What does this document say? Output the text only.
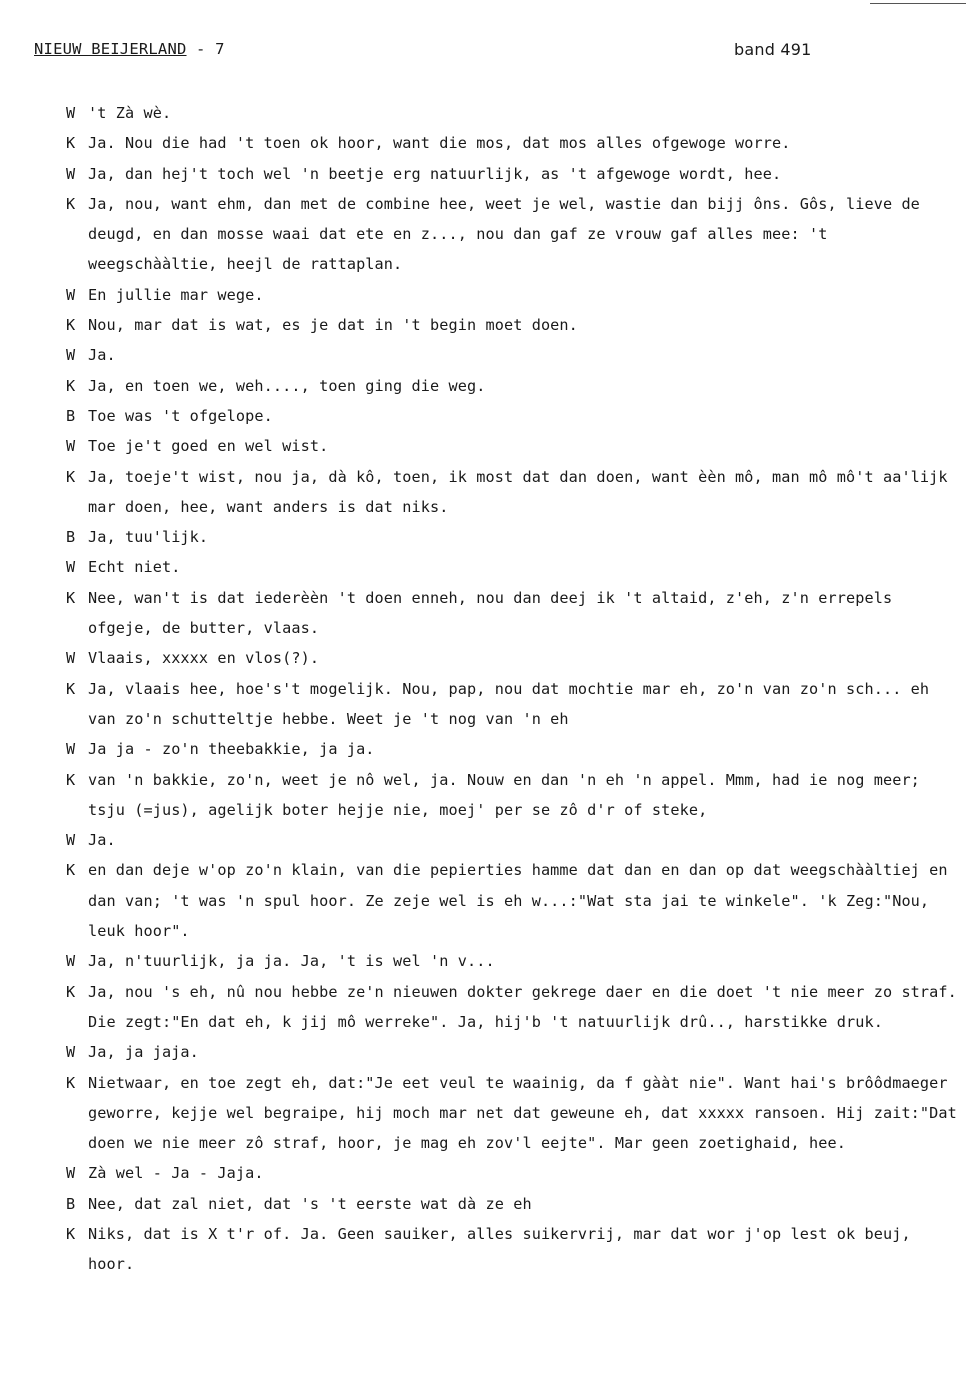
NIEUW BEIJERLAND - 7	band 491
W 't Zà wè.
K Ja. Nou die had 't toen ok hoor, want die mos, dat mos alles ofgewoge worre.
W Ja, dan hej't toch wel 'n beetje erg natuurlijk, as 't afgewoge wordt, hee.
K Ja, nou, want ehm, dan met de combine hee, weet je wel, wastie dan bijj ôns. Gôs, lieve de deugd, en dan mosse waai dat ete en z..., nou dan gaf ze vrouw gaf alles mee: 't weegschààltie, heejl de rattaplan.
W En jullie mar wege.
K Nou, mar dat is wat, es je dat in 't begin moet doen.
W Ja.
K Ja, en toen we, weh...., toen ging die weg.
B Toe was 't ofgelope.
W Toe je't goed en wel wist.
K Ja, toeje't wist, nou ja, dà kô, toen, ik most dat dan doen, want èèn mô, man mô mô't aa'lijk mar doen, hee, want anders is dat niks.
B Ja, tuu'lijk.
W Echt niet.
K Nee, wan't is dat iederèèn 't doen enneh, nou dan deej ik 't altaid, z'eh, z'n errepels ofgeje, de butter, vlaas.
W Vlaais, xxxxx en vlos(?).
K Ja, vlaais hee, hoe's't mogelijk. Nou, pap, nou dat mochtie mar eh, zo'n van zo'n sch... eh van zo'n schutteltje hebbe. Weet je 't nog van 'n eh
W Ja ja - zo'n theebakkie, ja ja.
K van 'n bakkie, zo'n, weet je nô wel, ja. Nouw en dan 'n eh 'n appel. Mmm, had ie nog meer; tsju (=jus), agelijk boter hejje nie, moej' per se zô d'r of steke,
W Ja.
K en dan deje w'op zo'n klain, van die pepierties hamme dat dan en dan op dat weegschààltiej en dan van; 't was 'n spul hoor. Ze zeje wel is eh w...:"Wat sta jai te winkele". 'k Zeg:"Nou, leuk hoor".
W Ja, n'tuurlijk, ja ja. Ja, 't is wel 'n v...
K Ja, nou 's eh, nû nou hebbe ze'n nieuwen dokter gekrege daer en die doet 't nie meer zo straf. Die zegt:"En dat eh, k jij mô werreke". Ja, hij'b 't natuurlijk drû.., harstikke druk.
W Ja, ja jaja.
K Nietwaar, en toe zegt eh, dat:"Je eet veul te waainig, da f gààt nie". Want hai's brôôdmaeger geworre, kejje wel begraipe, hij moch mar net dat geweune eh, dat xxxxx ransoen. Hij zait:"Dat doen we nie meer zô straf, hoor, je mag eh zov'l eejte". Mar geen zoetighaid, hee.
W Zà wel - Ja - Jaja.
B Nee, dat zal niet, dat 's 't eerste wat dà ze eh
K Niks, dat is X t'r of. Ja. Geen sauiker, alles suikervrij, mar dat wor j'op lest ok beuj, hoor.
